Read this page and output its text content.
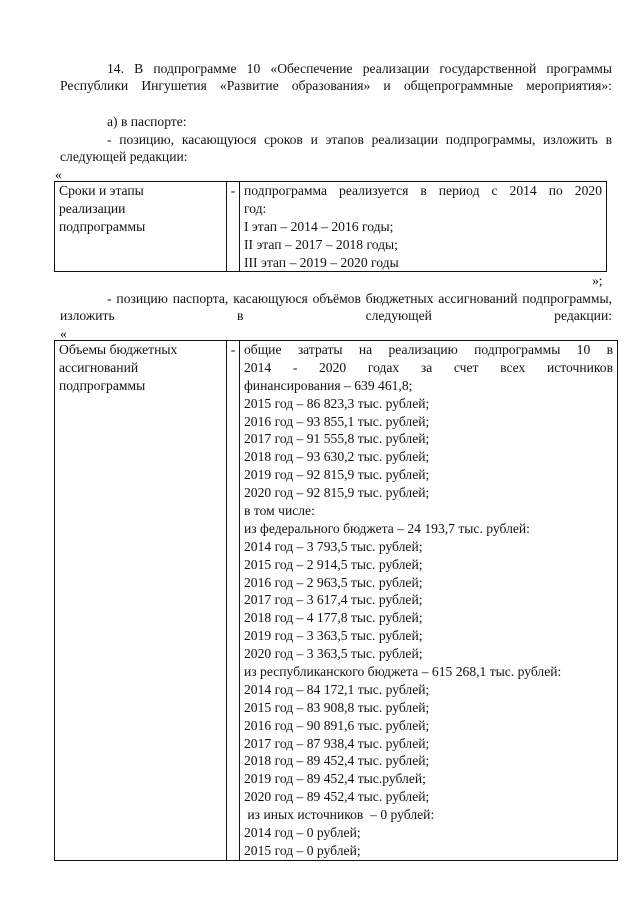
14. В подпрограмме 10 «Обеспечение реализации государственной программы Республики Ингушетия «Развитие образования» и общепрограммные мероприятия»:

а) в паспорте:

- позицию, касающуюся сроков и этапов реализации подпрограммы, изложить в следующей редакции:

«
Сроки и этапы
реализации
подпрограммы
	-	подпрограмма реализуется в период с 2014 по 2020
год:
I этап – 2014 – 2016 годы;
II этап – 2017 – 2018 годы;
III этап – 2019 – 2020 годы
»;

- позицию паспорта, касающуюся объёмов бюджетных ассигнований подпрограммы, изложить в следующей редакции:

«
Объемы бюджетных
ассигнований
подпрограммы
	-	общие затраты на реализацию подпрограммы 10 в
2014 - 2020 годах за счет всех источников
финансирования – 639 461,8;
2015 год – 86 823,3 тыс. рублей;
2016 год – 93 855,1 тыс. рублей;
2017 год – 91 555,8 тыс. рублей;
2018 год – 93 630,2 тыс. рублей;
2019 год – 92 815,9 тыс. рублей;
2020 год – 92 815,9 тыс. рублей;
в том числе:
из федерального бюджета – 24 193,7 тыс. рублей:
2014 год – 3 793,5 тыс. рублей;
2015 год – 2 914,5 тыс. рублей;
2016 год – 2 963,5 тыс. рублей;
2017 год – 3 617,4 тыс. рублей;
2018 год – 4 177,8 тыс. рублей;
2019 год – 3 363,5 тыс. рублей;
2020 год – 3 363,5 тыс. рублей;
из республиканского бюджета – 615 268,1 тыс. рублей:
2014 год – 84 172,1 тыс. рублей;
2015 год – 83 908,8 тыс. рублей;
2016 год – 90 891,6 тыс. рублей;
2017 год – 87 938,4 тыс. рублей;
2018 год – 89 452,4 тыс. рублей;
2019 год – 89 452,4 тыс.рублей;
2020 год – 89 452,4 тыс. рублей;
из иных источников  – 0 рублей:
2014 год – 0 рублей;
2015 год – 0 рублей;
